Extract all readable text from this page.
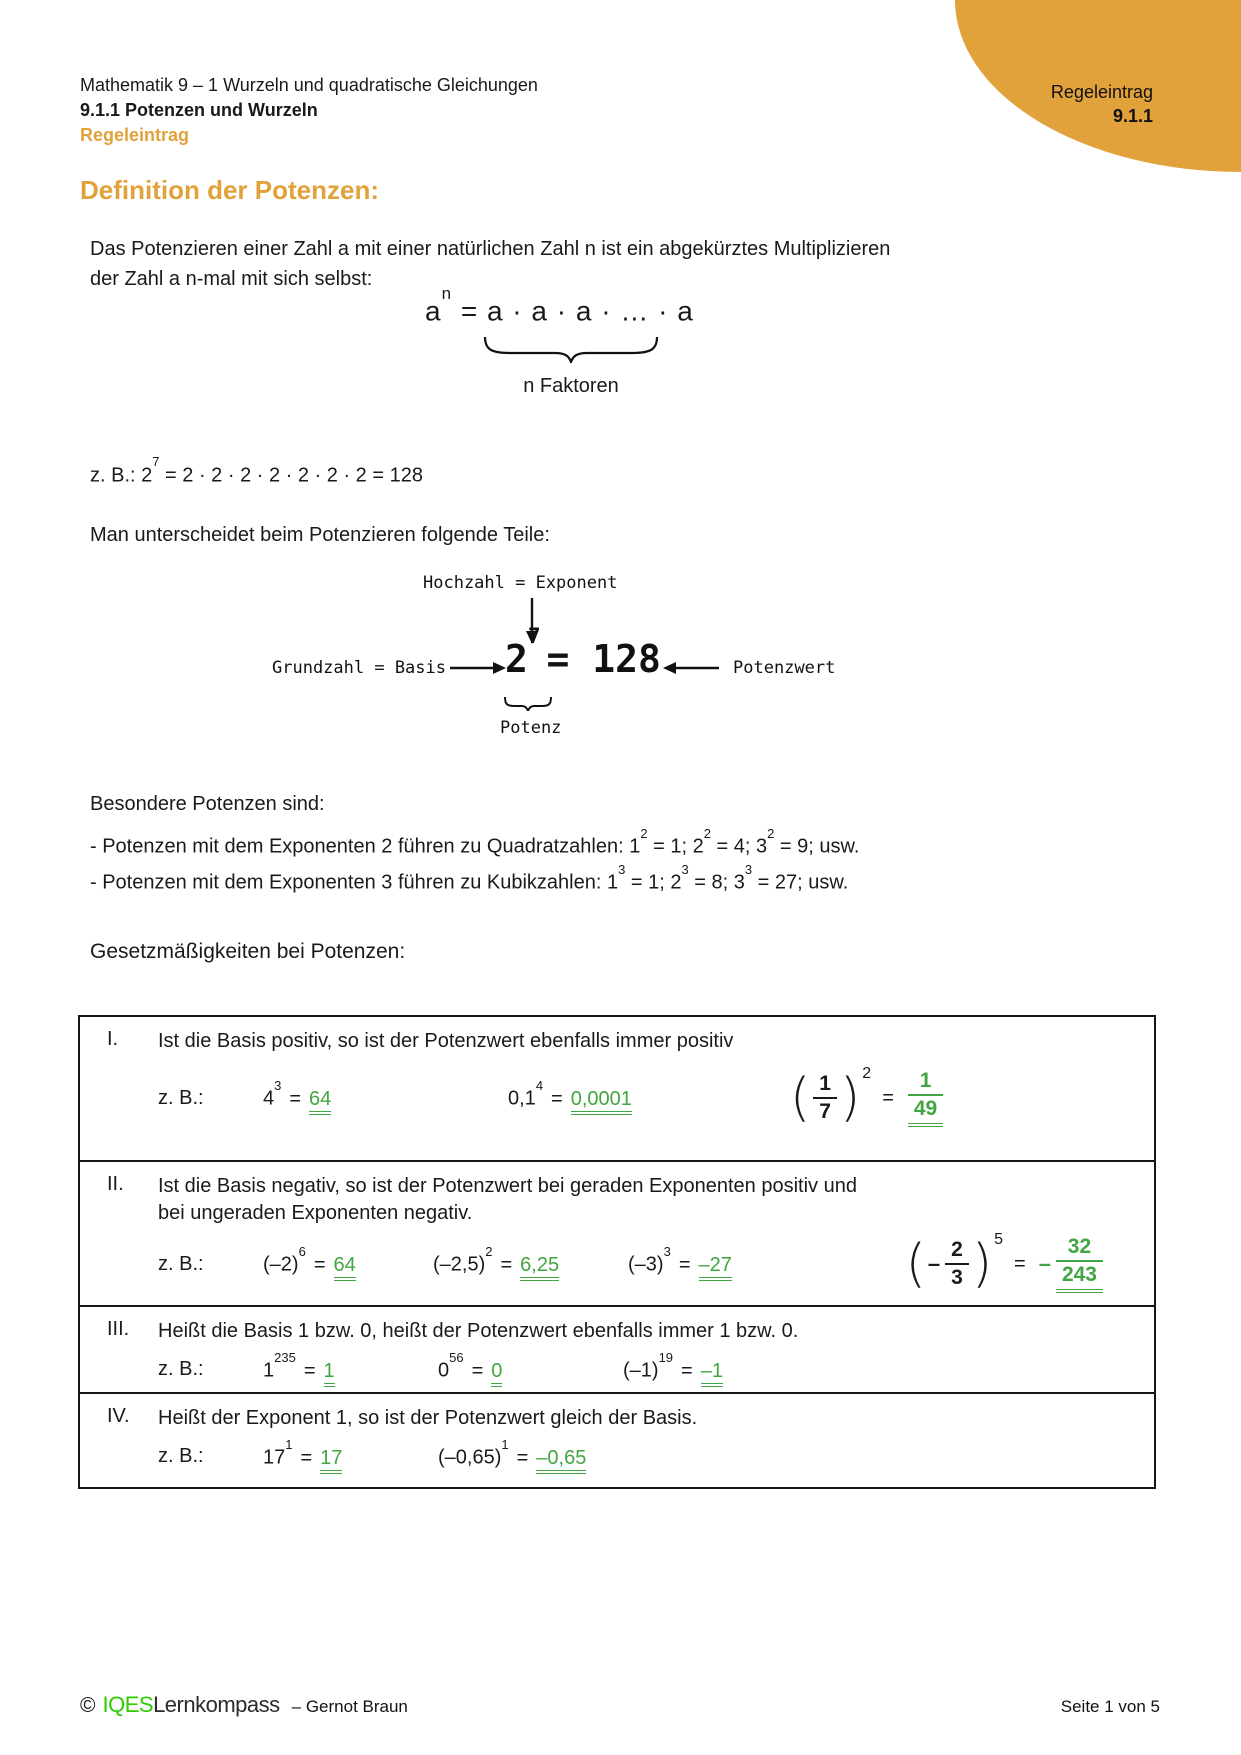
Regeleintrag
9.1.1
Mathematik 9 – 1 Wurzeln und quadratische Gleichungen
9.1.1 Potenzen und Wurzeln
Regeleintrag
Definition der Potenzen:
Das Potenzieren einer Zahl a mit einer natürlichen Zahl n ist ein abgekürztes Multiplizieren
der Zahl a n-mal mit sich selbst:
$a^n = a \cdot a \cdot a$ · … · a
n Faktoren
z. B.: $2^7 = 2 \cdot 2 \cdot 2 \cdot 2 \cdot 2 \cdot 2 \cdot 2 = 128$
Man unterscheidet beim Potenzieren folgende Teile:
Hochzahl = Exponent
Grundzahl = Basis $2^7= 128$	Potenzwert
Potenz
Besondere Potenzen sind:
- Potenzen mit dem Exponenten 2 führen zu Quadratzahlen: $1^2 = 1$; $2^2 = 4$; $3^2 = 9$; usw.
- Potenzen mit dem Exponenten 3 führen zu Kubikzahlen: $1^3 = 1$; $2^3 = 8$; $3^3 = 27$; usw.
Gesetzmäßigkeiten bei Potenzen:
I.	Ist die Basis positiv, so ist der Potenzwert ebenfalls immer positiv
z. B.:	$4^3= 64$	$0,1^4= 0,0001$	( $\frac{1}{7} )^2$
= $\frac{1}{49}$
II.	Ist die Basis negativ, so ist der Potenzwert bei geraden Exponenten positiv und
bei ungeraden Exponenten negativ.
z. B.:	$(-2)^6= 64$	$(-2,5)^2= 6,25$	$(-3)^3= -27$	( – $\frac{2}{3} )^5$
= – $\frac{32}{243}$
III.	Heißt die Basis 1 bzw. 0, heißt der Potenzwert ebenfalls immer 1 bzw. 0.
z. B.:	$1^{235}= 1$	$0^{56}= 0$	$(-1)^{19}= -1$
IV.	Heißt der Exponent 1, so ist der Potenzwert gleich der Basis.
z. B.:	$17^1= 17$	$(-0,65)^1= -0,65$
© IQES Lernkompass – Gernot Braun	Seite 1 von 5
